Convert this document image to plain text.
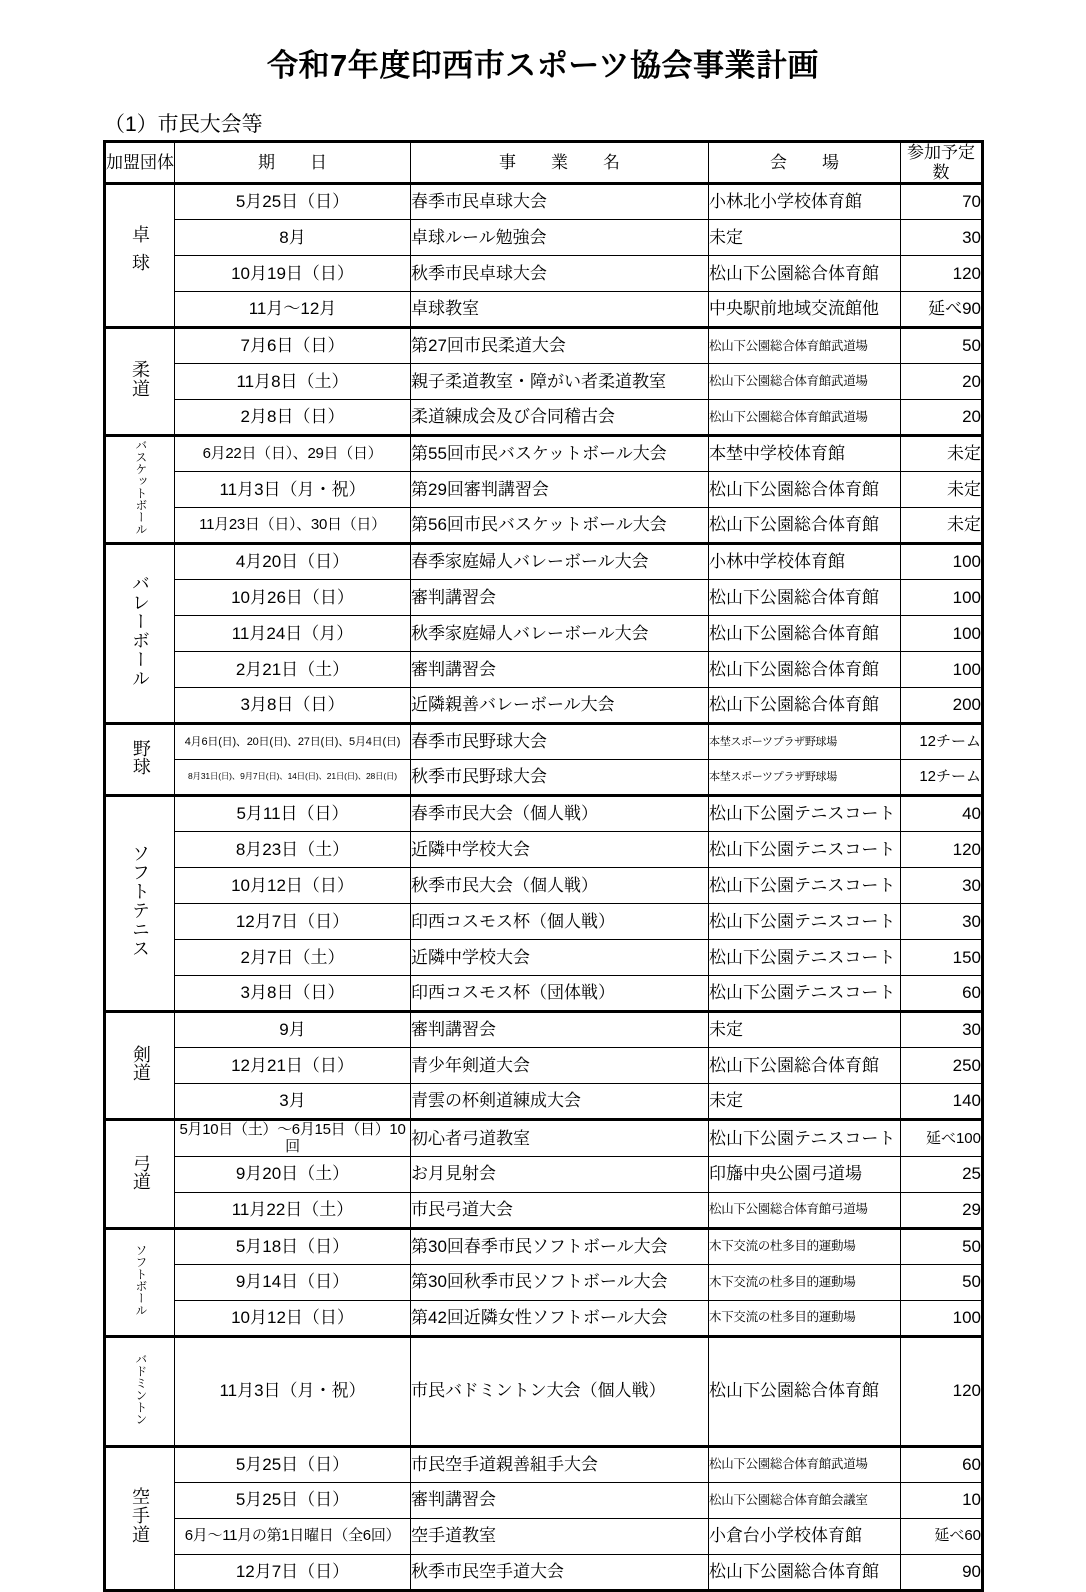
令和7年度印西市スポーツ協会事業計画
（1）市民大会等
加盟団体	期　日	事　業　名	会　場	参加予定数
卓球	5月25日（日）	春季市民卓球大会	小林北小学校体育館	70
	8月	卓球ルール勉強会	未定	30
	10月19日（日）	秋季市民卓球大会	松山下公園総合体育館	120
	11月～12月	卓球教室	中央駅前地域交流館他	延べ90
柔道	7月6日（日）	第27回市民柔道大会	松山下公園総合体育館武道場	50
	11月8日（土）	親子柔道教室・障がい者柔道教室	松山下公園総合体育館武道場	20
	2月8日（日）	柔道練成会及び合同稽古会	松山下公園総合体育館武道場	20
バスケットボール	6月22日（日）、29日（日）	第55回市民バスケットボール大会	本埜中学校体育館	未定
	11月3日（月・祝）	第29回審判講習会	松山下公園総合体育館	未定
	11月23日（日）、30日（日）	第56回市民バスケットボール大会	松山下公園総合体育館	未定
バレーボール	4月20日（日）	春季家庭婦人バレーボール大会	小林中学校体育館	100
	10月26日（日）	審判講習会	松山下公園総合体育館	100
	11月24日（月）	秋季家庭婦人バレーボール大会	松山下公園総合体育館	100
	2月21日（土）	審判講習会	松山下公園総合体育館	100
	3月8日（日）	近隣親善バレーボール大会	松山下公園総合体育館	200
野球	4月6日(日)、20日(日)、27日(日)、5月4日(日)	春季市民野球大会	本埜スポーツプラザ野球場	12チーム
	8月31日(日)、9月7日(日)、14日(日)、21日(日)、28日(日)	秋季市民野球大会	本埜スポーツプラザ野球場	12チーム
ソフトテニス	5月11日（日）	春季市民大会（個人戦）	松山下公園テニスコート	40
	8月23日（土）	近隣中学校大会	松山下公園テニスコート	120
	10月12日（日）	秋季市民大会（個人戦）	松山下公園テニスコート	30
	12月7日（日）	印西コスモス杯（個人戦）	松山下公園テニスコート	30
	2月7日（土）	近隣中学校大会	松山下公園テニスコート	150
	3月8日（日）	印西コスモス杯（団体戦）	松山下公園テニスコート	60
剣道	9月	審判講習会	未定	30
	12月21日（日）	青少年剣道大会	松山下公園総合体育館	250
	3月	青雲の杯剣道練成大会	未定	140
弓道	5月10日（土）～6月15日（日）10回	初心者弓道教室	松山下公園テニスコート	延べ100
	9月20日（土）	お月見射会	印旛中央公園弓道場	25
	11月22日（土）	市民弓道大会	松山下公園総合体育館弓道場	29
ソフトボール	5月18日（日）	第30回春季市民ソフトボール大会	木下交流の杜多目的運動場	50
	9月14日（日）	第30回秋季市民ソフトボール大会	木下交流の杜多目的運動場	50
	10月12日（日）	第42回近隣女性ソフトボール大会	木下交流の杜多目的運動場	100
バドミントン	11月3日（月・祝）	市民バドミントン大会（個人戦）	松山下公園総合体育館	120
空手道	5月25日（日）	市民空手道親善組手大会	松山下公園総合体育館武道場	60
	5月25日（日）	審判講習会	松山下公園総合体育館会議室	10
	6月～11月の第1日曜日（全6回）	空手道教室	小倉台小学校体育館	延べ60
	12月7日（日）	秋季市民空手道大会	松山下公園総合体育館	90
